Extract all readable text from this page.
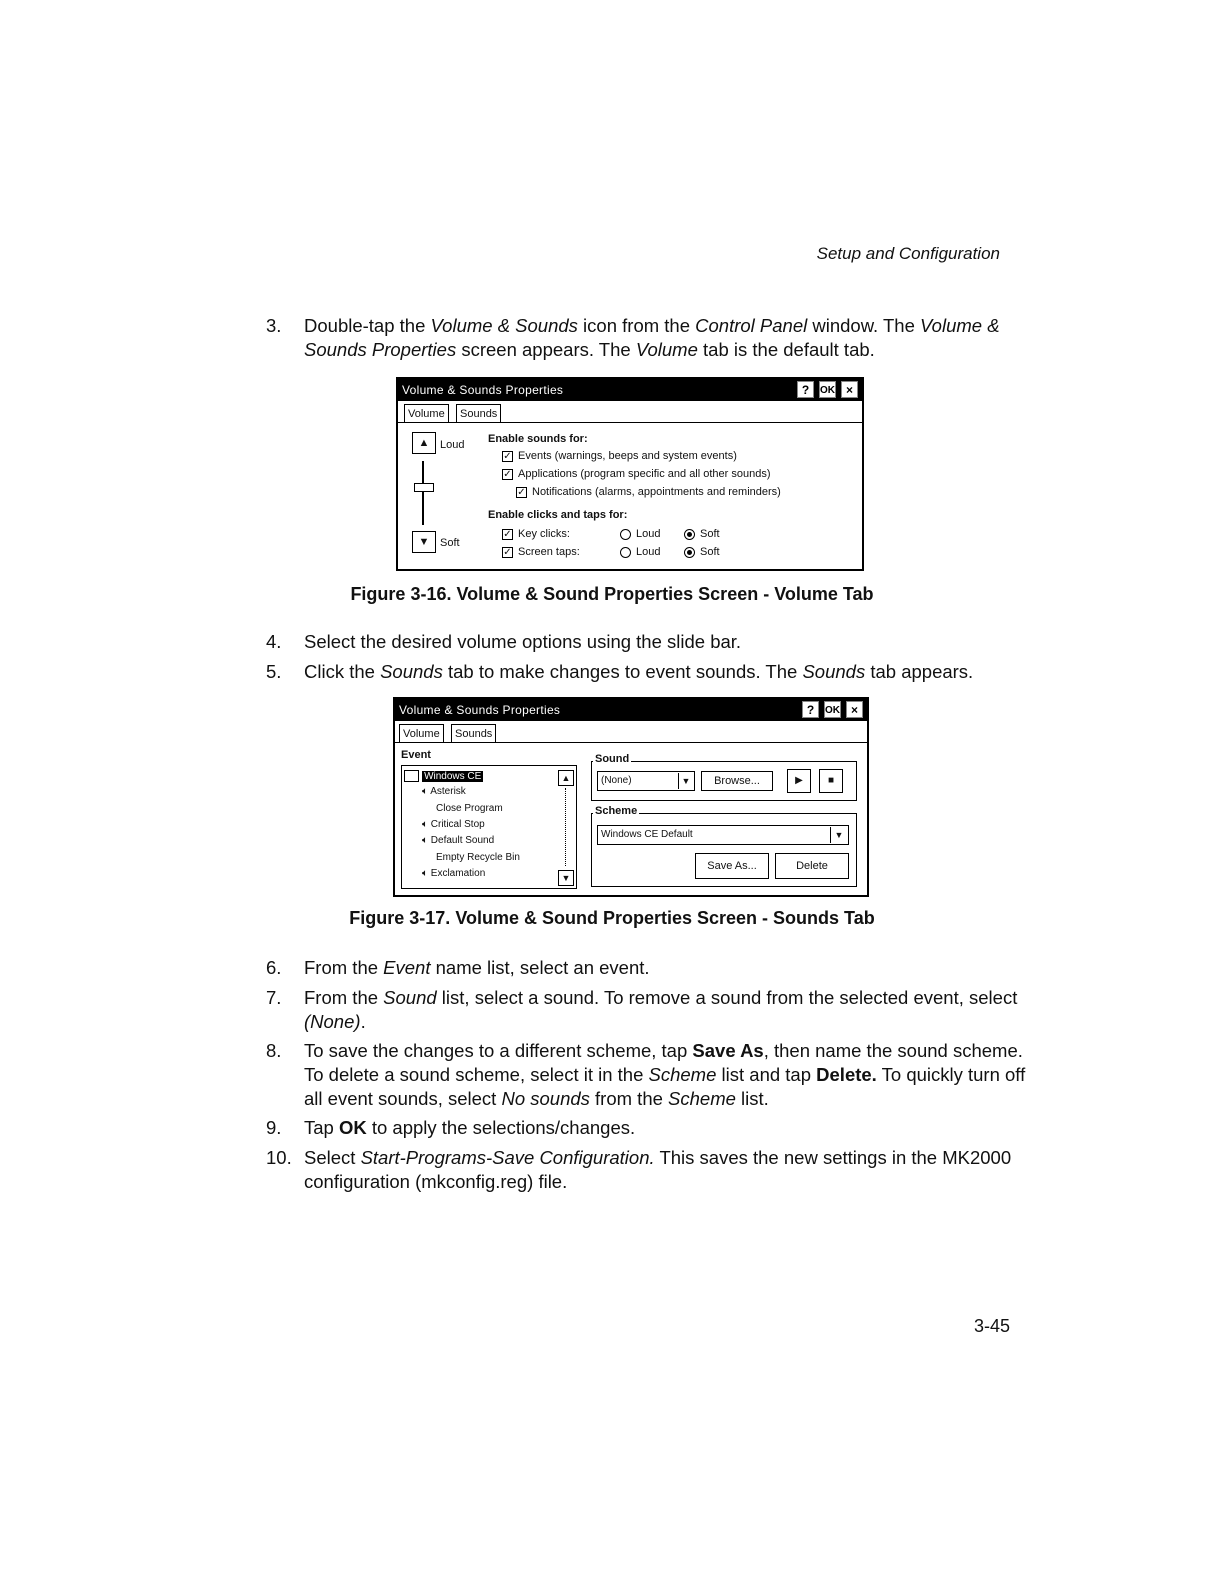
Setup and Configuration
3. Double-tap the Volume & Sounds icon from the Control Panel window. The Volume & Sounds Properties screen appears. The Volume tab is the default tab.
Volume & Sounds Properties	?	OK ×
Volume	Sounds
▲ Loud
▼ Soft
Enable sounds for:
✓ Events (warnings, beeps and system events)
✓ Applications (program specific and all other sounds)
✓ Notifications (alarms, appointments and reminders)
Enable clicks and taps for:
✓ Key clicks:	Loud	Soft
✓ Screen taps:	Loud	Soft
Figure 3-16. Volume & Sound Properties Screen - Volume Tab
4. Select the desired volume options using the slide bar.
5. Click the Sounds tab to make changes to event sounds. The Sounds tab appears.
Volume & Sounds Properties	?	OK ×
Volume	Sounds
Event
Windows CE
🔈︎ Asterisk
Close Program
🔈︎ Critical Stop
🔈︎ Default Sound
Empty Recycle Bin
🔈︎ Exclamation
▲
▼
Sound
(None)	▼	Browse...	▶	■
Scheme
Windows CE Default	▼
Save As...	Delete
Figure 3-17. Volume & Sound Properties Screen - Sounds Tab
6. From the Event name list, select an event.
7. From the Sound list, select a sound. To remove a sound from the selected event, select (None).
8. To save the changes to a different scheme, tap Save As, then name the sound scheme. To delete a sound scheme, select it in the Scheme list and tap Delete. To quickly turn off all event sounds, select No sounds from the Scheme list.
9. Tap OK to apply the selections/changes.
10. Select Start-Programs-Save Configuration. This saves the new settings in the MK2000 configuration (mkconfig.reg) file.
3-45
